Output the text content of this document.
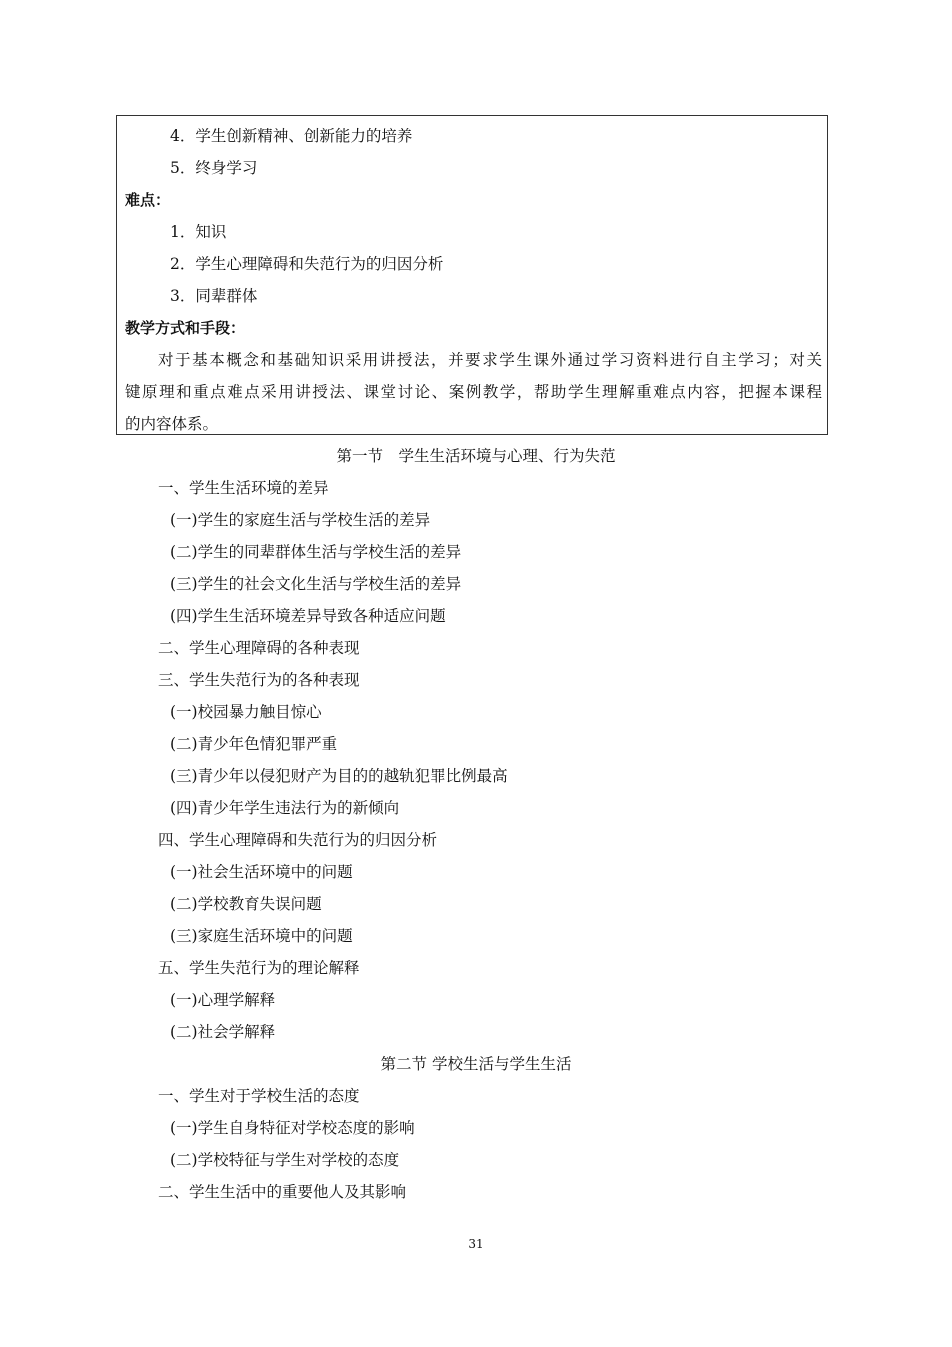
4．学生创新精神、创新能力的培养
5．终身学习
难点：
1．知识
2．学生心理障碍和失范行为的归因分析
3．同辈群体
教学方式和手段：
对于基本概念和基础知识采用讲授法，并要求学生课外通过学习资料进行自主学习；对关
键原理和重点难点采用讲授法、课堂讨论、案例教学，帮助学生理解重难点内容，把握本课程
的内容体系。
第一节　学生生活环境与心理、行为失范
一、学生生活环境的差异
(一)学生的家庭生活与学校生活的差异
(二)学生的同辈群体生活与学校生活的差异
(三)学生的社会文化生活与学校生活的差异
(四)学生生活环境差异导致各种适应问题
二、学生心理障碍的各种表现
三、学生失范行为的各种表现
(一)校园暴力触目惊心
(二)青少年色情犯罪严重
(三)青少年以侵犯财产为目的的越轨犯罪比例最高
(四)青少年学生违法行为的新倾向
四、学生心理障碍和失范行为的归因分析
(一)社会生活环境中的问题
(二)学校教育失误问题
(三)家庭生活环境中的问题
五、学生失范行为的理论解释
(一)心理学解释
(二)社会学解释
第二节 学校生活与学生生活
一、学生对于学校生活的态度
(一)学生自身特征对学校态度的影响
(二)学校特征与学生对学校的态度
二、学生生活中的重要他人及其影响
31
